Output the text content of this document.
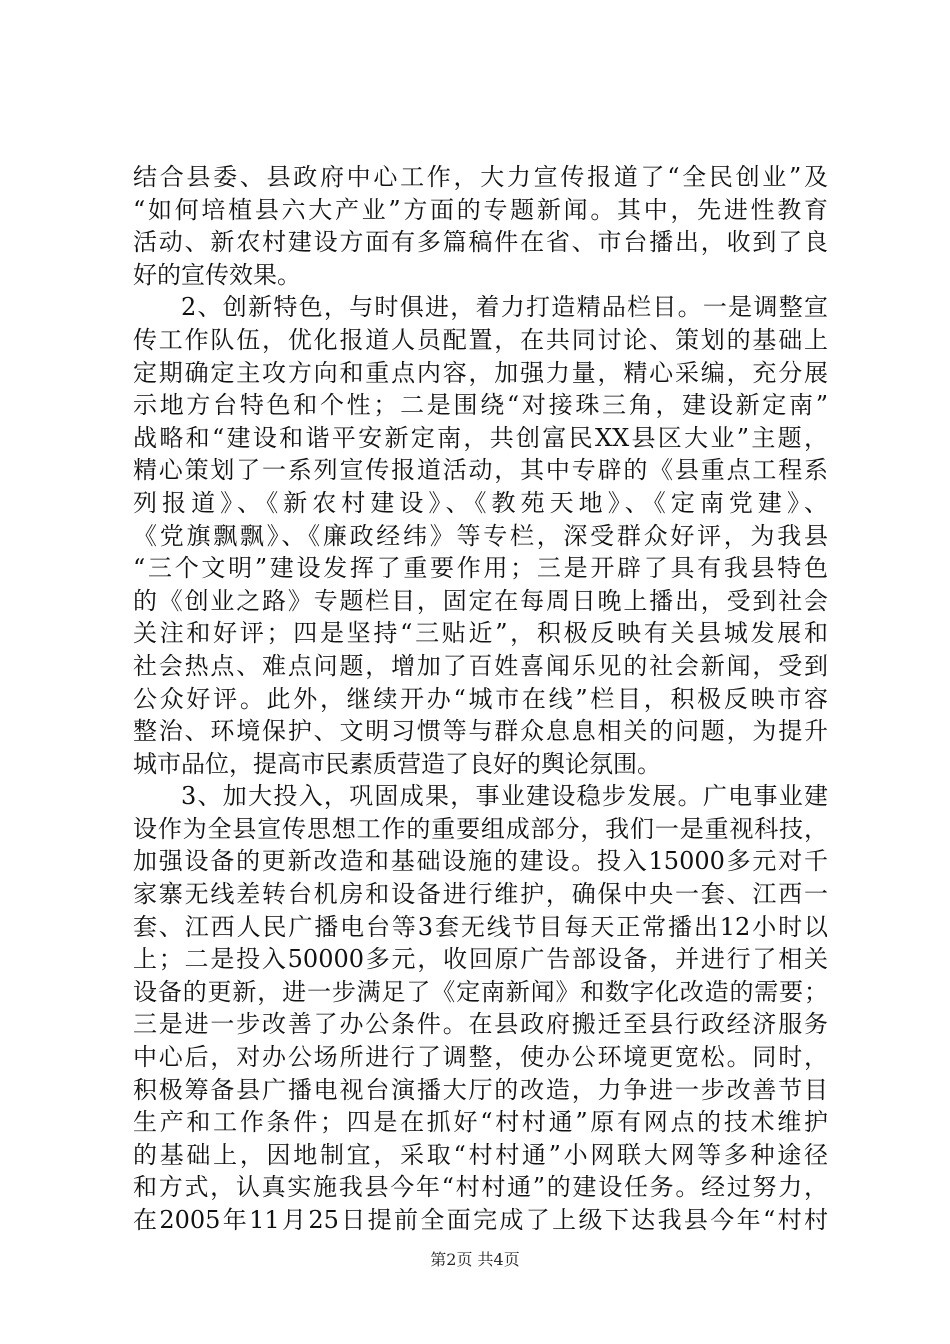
结合县委、县政府中心工作，大力宣传报道了“全民创业”及
“如何培植县六大产业”方面的专题新闻。其中，先进性教育
活动、新农村建设方面有多篇稿件在省、市台播出，收到了良
好的宣传效果。
2、创新特色，与时俱进，着力打造精品栏目。一是调整宣
传工作队伍，优化报道人员配置，在共同讨论、策划的基础上
定期确定主攻方向和重点内容，加强力量，精心采编，充分展
示地方台特色和个性；二是围绕“对接珠三角，建设新定南”
战略和“建设和谐平安新定南，共创富民XX县区大业”主题，
精心策划了一系列宣传报道活动，其中专辟的《县重点工程系
列报道》、《新农村建设》、《教苑天地》、《定南党建》、
《党旗飘飘》、《廉政经纬》等专栏，深受群众好评，为我县
“三个文明”建设发挥了重要作用；三是开辟了具有我县特色
的《创业之路》专题栏目，固定在每周日晚上播出，受到社会
关注和好评；四是坚持“三贴近”，积极反映有关县城发展和
社会热点、难点问题，增加了百姓喜闻乐见的社会新闻，受到
公众好评。此外，继续开办“城市在线”栏目，积极反映市容
整治、环境保护、文明习惯等与群众息息相关的问题，为提升
城市品位，提高市民素质营造了良好的舆论氛围。
3、加大投入，巩固成果，事业建设稳步发展。广电事业建
设作为全县宣传思想工作的重要组成部分，我们一是重视科技，
加强设备的更新改造和基础设施的建设。投入15000多元对千
家寨无线差转台机房和设备进行维护，确保中央一套、江西一
套、江西人民广播电台等3套无线节目每天正常播出12小时以
上；二是投入50000多元，收回原广告部设备，并进行了相关
设备的更新，进一步满足了《定南新闻》和数字化改造的需要；
三是进一步改善了办公条件。在县政府搬迁至县行政经济服务
中心后，对办公场所进行了调整，使办公环境更宽松。同时，
积极筹备县广播电视台演播大厅的改造，力争进一步改善节目
生产和工作条件；四是在抓好“村村通”原有网点的技术维护
的基础上，因地制宜，采取“村村通”小网联大网等多种途径
和方式，认真实施我县今年“村村通”的建设任务。经过努力，
在2005年11月25日提前全面完成了上级下达我县今年“村村
第2页 共4页
